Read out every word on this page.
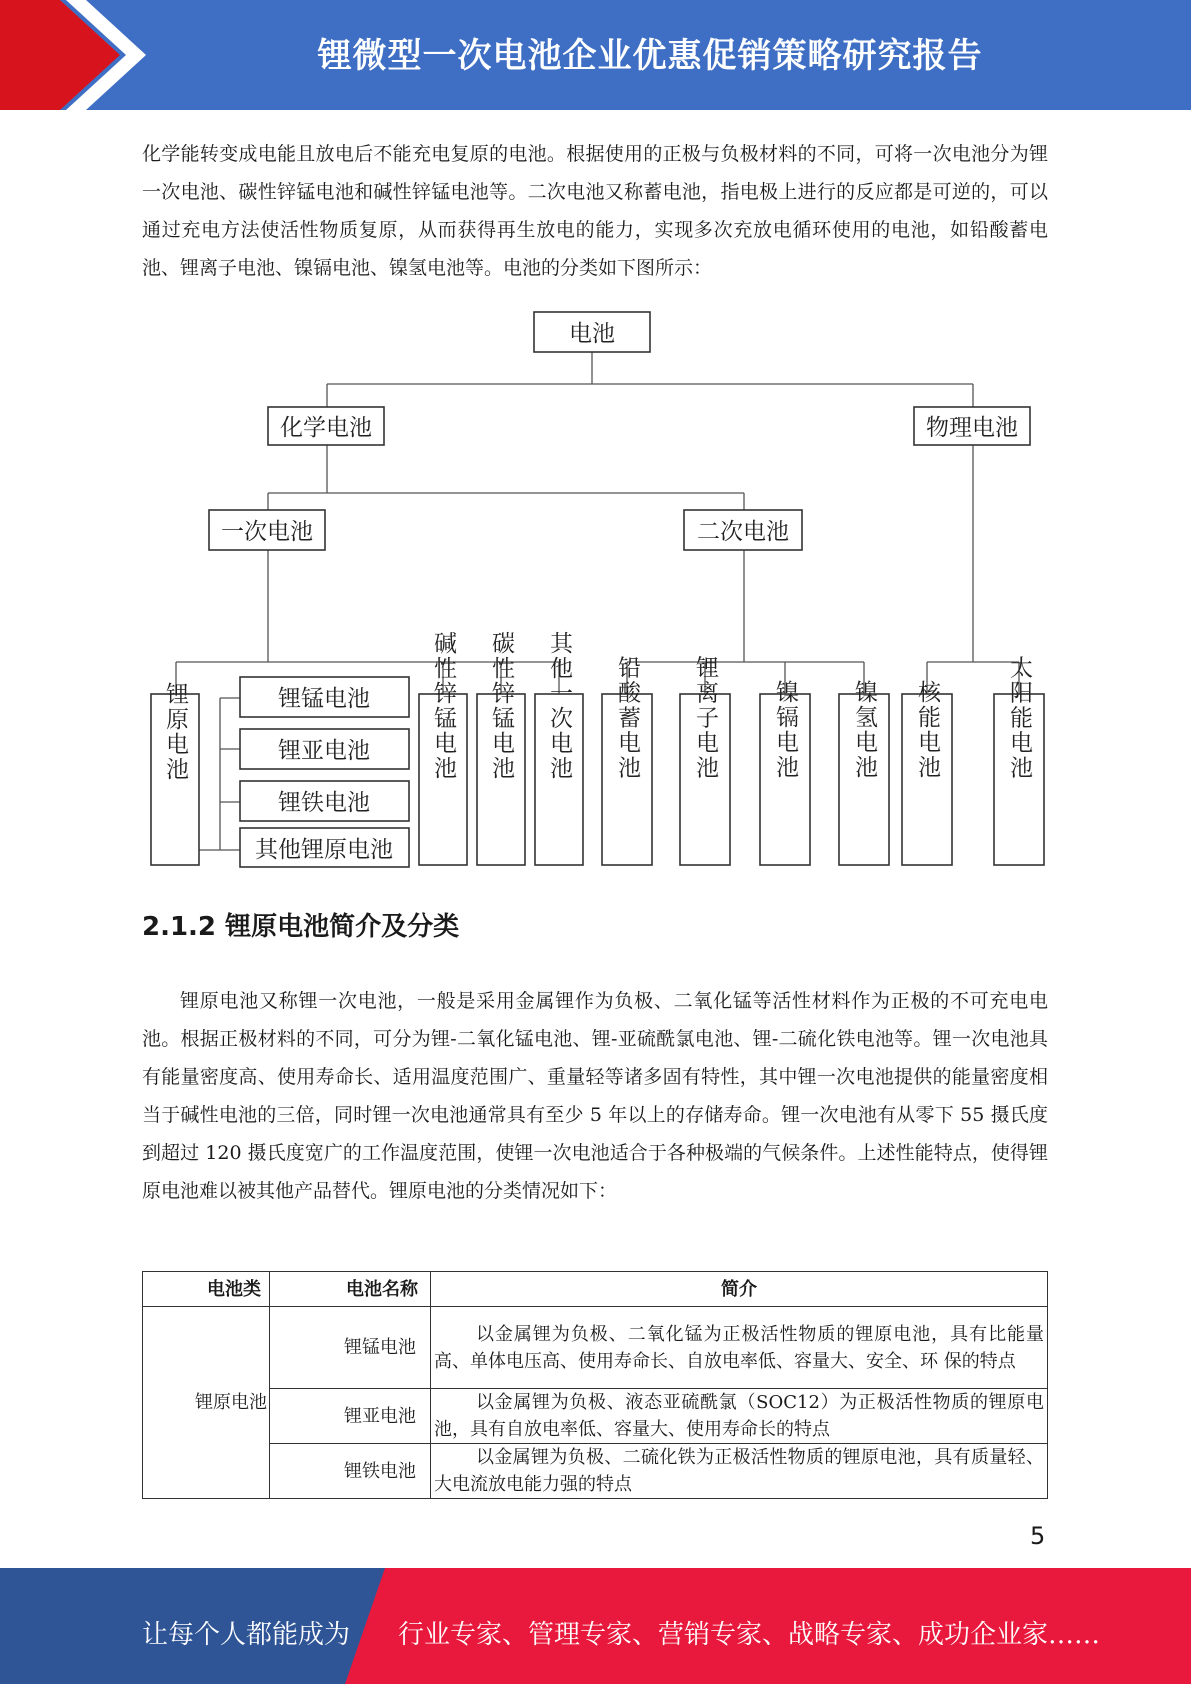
锂微型一次电池企业优惠促销策略研究报告

化学能转变成电能且放电后不能充电复原的电池。根据使用的正极与负极材料的不同，可将一次电池分为锂一次电池、碳性锌锰电池和碱性锌锰电池等。二次电池又称蓄电池，指电极上进行的反应都是可逆的，可以通过充电方法使活性物质复原，从而获得再生放电的能力，实现多次充放电循环使用的电池，如铅酸蓄电池、锂离子电池、镍镉电池、镍氢电池等。电池的分类如下图所示：

电池
化学电池	物理电池
一次电池	二次电池
锂锰电池
锂亚电池
锂铁电池
其他锂原电池
锂原电池	碱性锌锰电池 碳性锌锰电池 其他一次电池 铅酸蓄电池 锂离子电池 镍镉电池 镍氢电池 核能电池	太阳能电池
2.1.2 锂原电池简介及分类

锂原电池又称锂一次电池，一般是采用金属锂作为负极、二氧化锰等活性材料作为正极的不可充电电池。根据正极材料的不同，可分为锂-二氧化锰电池、锂-亚硫酰氯电池、锂-二硫化铁电池等。锂一次电池具有能量密度高、使用寿命长、适用温度范围广、重量轻等诸多固有特性，其中锂一次电池提供的能量密度相当于碱性电池的三倍，同时锂一次电池通常具有至少 5 年以上的存储寿命。锂一次电池有从零下 55 摄氏度到超过 120 摄氏度宽广的工作温度范围，使锂一次电池适合于各种极端的气候条件。上述性能特点，使得锂原电池难以被其他产品替代。锂原电池的分类情况如下：

电池类	电池名称	简介
锂原电池	锂锰电池	以金属锂为负极、二氧化锰为正极活性物质的锂原电池，具有比能量高、单体电压高、使用寿命长、自放电率低、容量大、安全、环 保的特点

	锂亚电池	以金属锂为负极、液态亚硫酰氯（SOC12）为正极活性物质的锂原电 池，具有自放电率低、容量大、使用寿命长的特点

	锂铁电池	以金属锂为负极、二硫化铁为正极活性物质的锂原电池，具有质量轻、大电流放电能力强的特点
5
让每个人都能成为 行业专家、管理专家、营销专家、战略专家、成功企业家……
